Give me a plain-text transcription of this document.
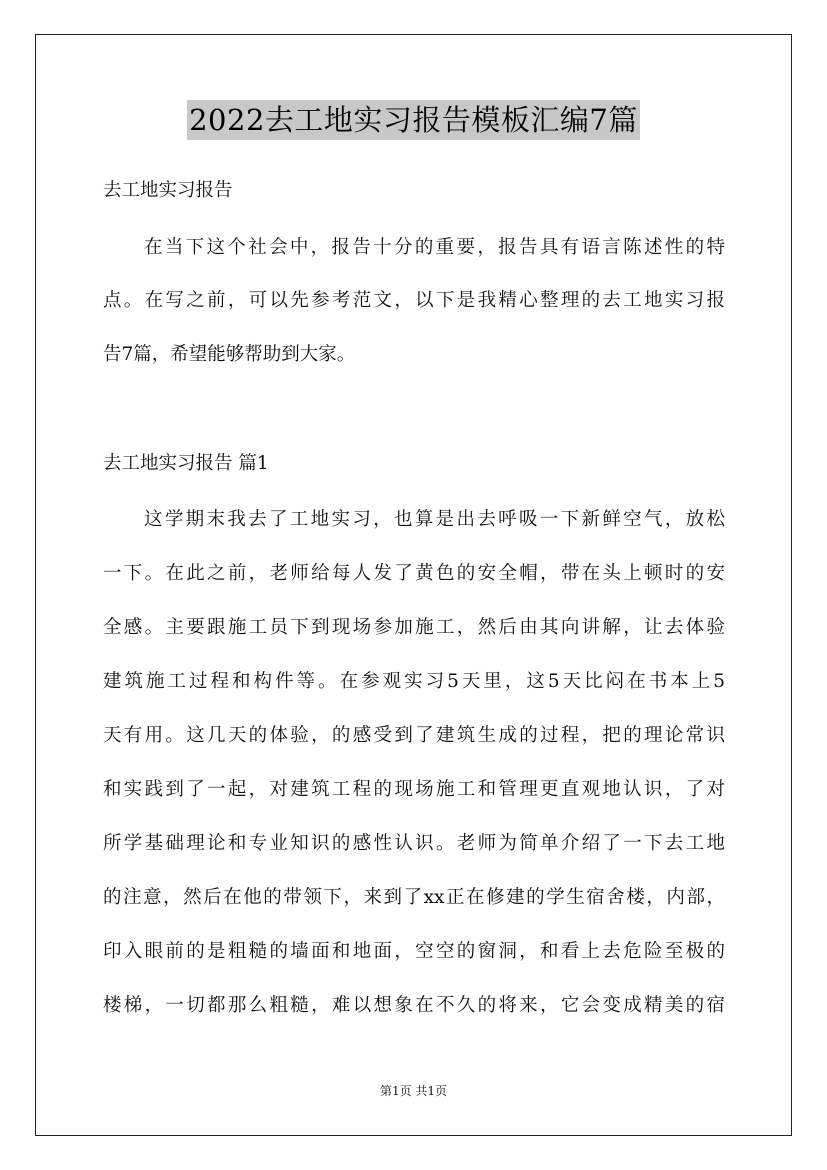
2022去工地实习报告模板汇编7篇
去工地实习报告
在当下这个社会中，报告十分的重要，报告具有语言陈述性的特
点。在写之前，可以先参考范文，以下是我精心整理的去工地实习报
告7篇，希望能够帮助到大家。
去工地实习报告 篇1
这学期末我去了工地实习，也算是出去呼吸一下新鲜空气，放松
一下。在此之前，老师给每人发了黄色的安全帽，带在头上顿时的安
全感。主要跟施工员下到现场参加施工，然后由其向讲解，让去体验
建筑施工过程和构件等。在参观实习5天里，这5天比闷在书本上5
天有用。这几天的体验，的感受到了建筑生成的过程，把的理论常识
和实践到了一起，对建筑工程的现场施工和管理更直观地认识，了对
所学基础理论和专业知识的感性认识。老师为简单介绍了一下去工地
的注意，然后在他的带领下，来到了xx正在修建的学生宿舍楼，内部，
印入眼前的是粗糙的墙面和地面，空空的窗洞，和看上去危险至极的
楼梯，一切都那么粗糙，难以想象在不久的将来，它会变成精美的宿
第1页 共1页
